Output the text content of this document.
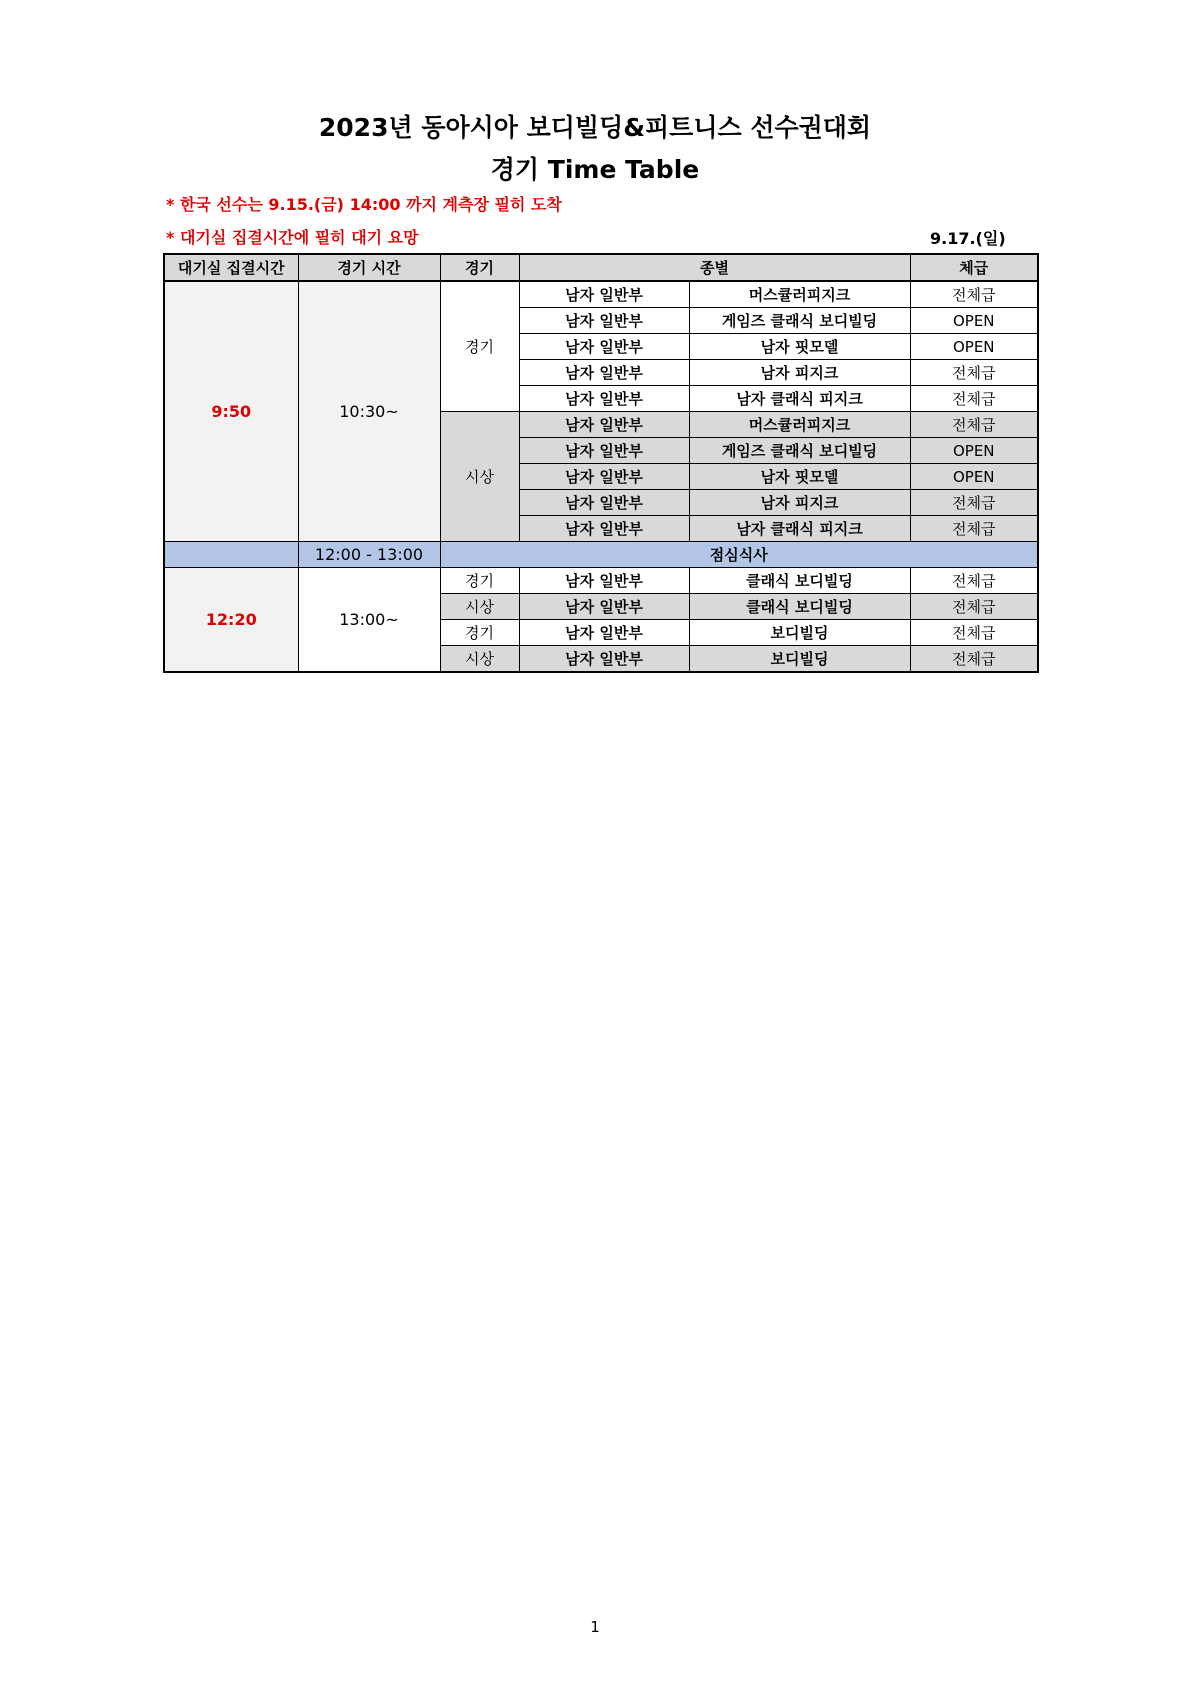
2023년 동아시아 보디빌딩&피트니스 선수권대회
경기 Time Table
* 한국 선수는 9.15.(금) 14:00 까지 계측장 필히 도착
* 대기실 집결시간에 필히 대기 요망	9.17.(일)
대기실 집결시간	경기 시간	경기	종별		체급
9:50	10:30~	경기	남자 일반부	머스큘러피지크	전체급
			남자 일반부	게임즈 클래식 보디빌딩	OPEN
			남자 일반부	남자 핏모델	OPEN
			남자 일반부	남자 피지크	전체급
			남자 일반부	남자 클래식 피지크	전체급
		시상	남자 일반부	머스큘러피지크	전체급
			남자 일반부	게임즈 클래식 보디빌딩	OPEN
			남자 일반부	남자 핏모델	OPEN
			남자 일반부	남자 피지크	전체급
			남자 일반부	남자 클래식 피지크	전체급
	12:00 - 13:00	점심식사			
12:20	13:00~	경기	남자 일반부	클래식 보디빌딩	전체급
		시상	남자 일반부	클래식 보디빌딩	전체급
		경기	남자 일반부	보디빌딩	전체급
		시상	남자 일반부	보디빌딩	전체급
1
